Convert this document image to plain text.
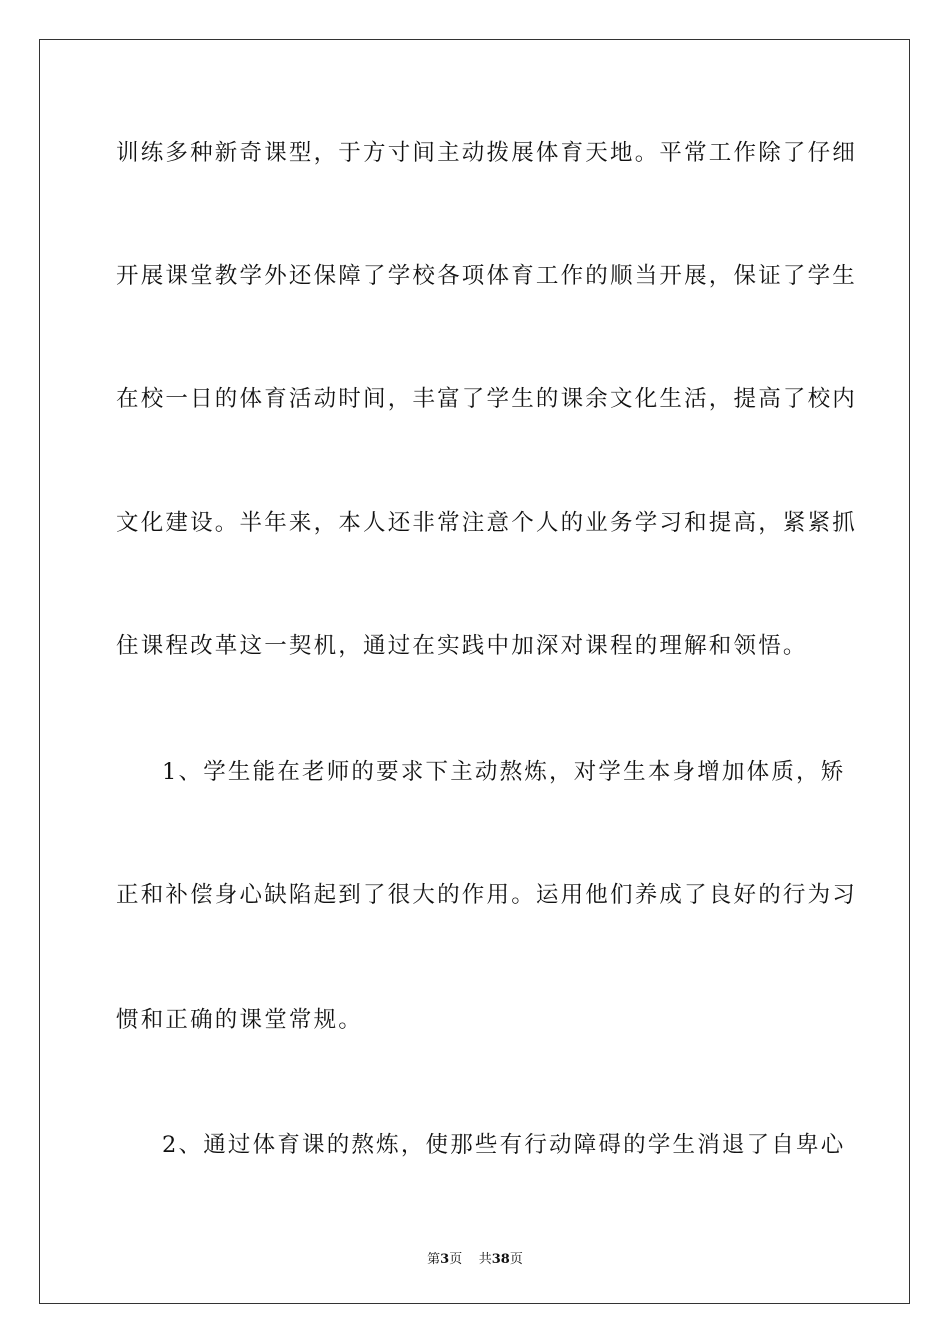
训练多种新奇课型，于方寸间主动拨展体育天地。平常工作除了仔细
开展课堂教学外还保障了学校各项体育工作的顺当开展，保证了学生
在校一日的体育活动时间，丰富了学生的课余文化生活，提高了校内
文化建设。半年来，本人还非常注意个人的业务学习和提高，紧紧抓
住课程改革这一契机，通过在实践中加深对课程的理解和领悟。
1、学生能在老师的要求下主动熬炼，对学生本身增加体质，矫
正和补偿身心缺陷起到了很大的作用。运用他们养成了良好的行为习
惯和正确的课堂常规。
2、通过体育课的熬炼，使那些有行动障碍的学生消退了自卑心
第3页 共38页
